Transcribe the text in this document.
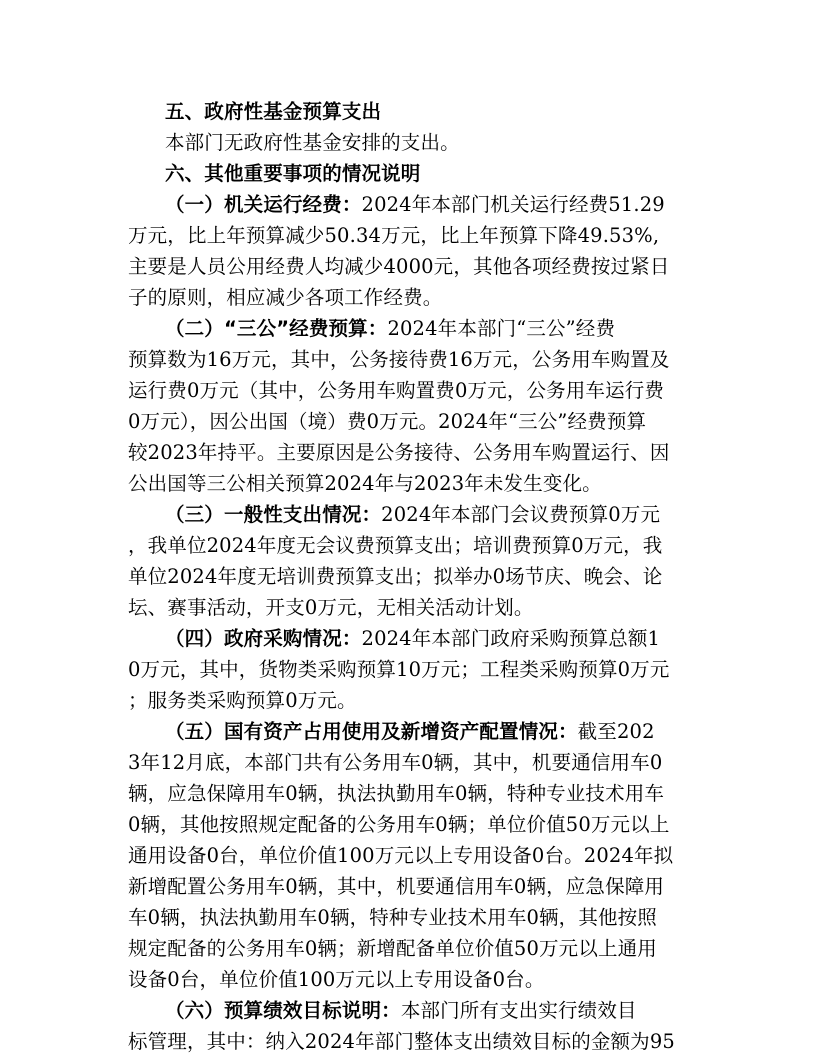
五、政府性基金预算支出
本部门无政府性基金安排的支出。
六、其他重要事项的情况说明
（一）机关运行经费：2024年本部门机关运行经费51.29
万元，比上年预算减少50.34万元，比上年预算下降49.53%,
主要是人员公用经费人均减少4000元，其他各项经费按过紧日
子的原则，相应减少各项工作经费。
（二）“三公”经费预算：2024年本部门“三公”经费
预算数为16万元，其中，公务接待费16万元，公务用车购置及
运行费0万元（其中，公务用车购置费0万元，公务用车运行费
0万元），因公出国（境）费0万元。2024年“三公”经费预算
较2023年持平。主要原因是公务接待、公务用车购置运行、因
公出国等三公相关预算2024年与2023年未发生变化。
（三）一般性支出情况：2024年本部门会议费预算0万元
，我单位2024年度无会议费预算支出；培训费预算0万元，我
单位2024年度无培训费预算支出；拟举办0场节庆、晚会、论
坛、赛事活动，开支0万元，无相关活动计划。
（四）政府采购情况：2024年本部门政府采购预算总额1
0万元，其中，货物类采购预算10万元；工程类采购预算0万元
；服务类采购预算0万元。
（五）国有资产占用使用及新增资产配置情况：截至202
3年12月底，本部门共有公务用车0辆，其中，机要通信用车0
辆，应急保障用车0辆，执法执勤用车0辆，特种专业技术用车
0辆，其他按照规定配备的公务用车0辆；单位价值50万元以上
通用设备0台，单位价值100万元以上专用设备0台。2024年拟
新增配置公务用车0辆，其中，机要通信用车0辆，应急保障用
车0辆，执法执勤用车0辆，特种专业技术用车0辆，其他按照
规定配备的公务用车0辆；新增配备单位价值50万元以上通用
设备0台，单位价值100万元以上专用设备0台。
（六）预算绩效目标说明：本部门所有支出实行绩效目
标管理，其中：纳入2024年部门整体支出绩效目标的金额为95
